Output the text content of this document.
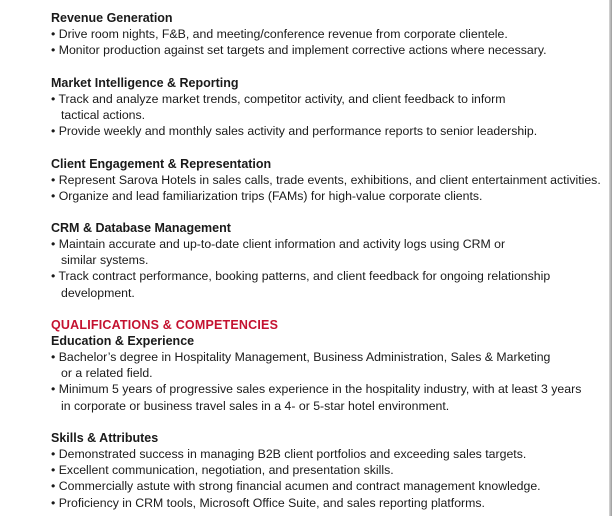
Revenue Generation
• Drive room nights, F&B, and meeting/conference revenue from corporate clientele.
• Monitor production against set targets and implement corrective actions where necessary.
Market Intelligence & Reporting
• Track and analyze market trends, competitor activity, and client feedback to inform
tactical actions.
• Provide weekly and monthly sales activity and performance reports to senior leadership.
Client Engagement & Representation
• Represent Sarova Hotels in sales calls, trade events, exhibitions, and client entertainment activities.
• Organize and lead familiarization trips (FAMs) for high-value corporate clients.
CRM & Database Management
• Maintain accurate and up-to-date client information and activity logs using CRM or
similar systems.
• Track contract performance, booking patterns, and client feedback for ongoing relationship
development.
QUALIFICATIONS & COMPETENCIES
Education & Experience
• Bachelor’s degree in Hospitality Management, Business Administration, Sales & Marketing
or a related field.
• Minimum 5 years of progressive sales experience in the hospitality industry, with at least 3 years
in corporate or business travel sales in a 4- or 5-star hotel environment.
Skills & Attributes
• Demonstrated success in managing B2B client portfolios and exceeding sales targets.
• Excellent communication, negotiation, and presentation skills.
• Commercially astute with strong financial acumen and contract management knowledge.
• Proficiency in CRM tools, Microsoft Office Suite, and sales reporting platforms.
